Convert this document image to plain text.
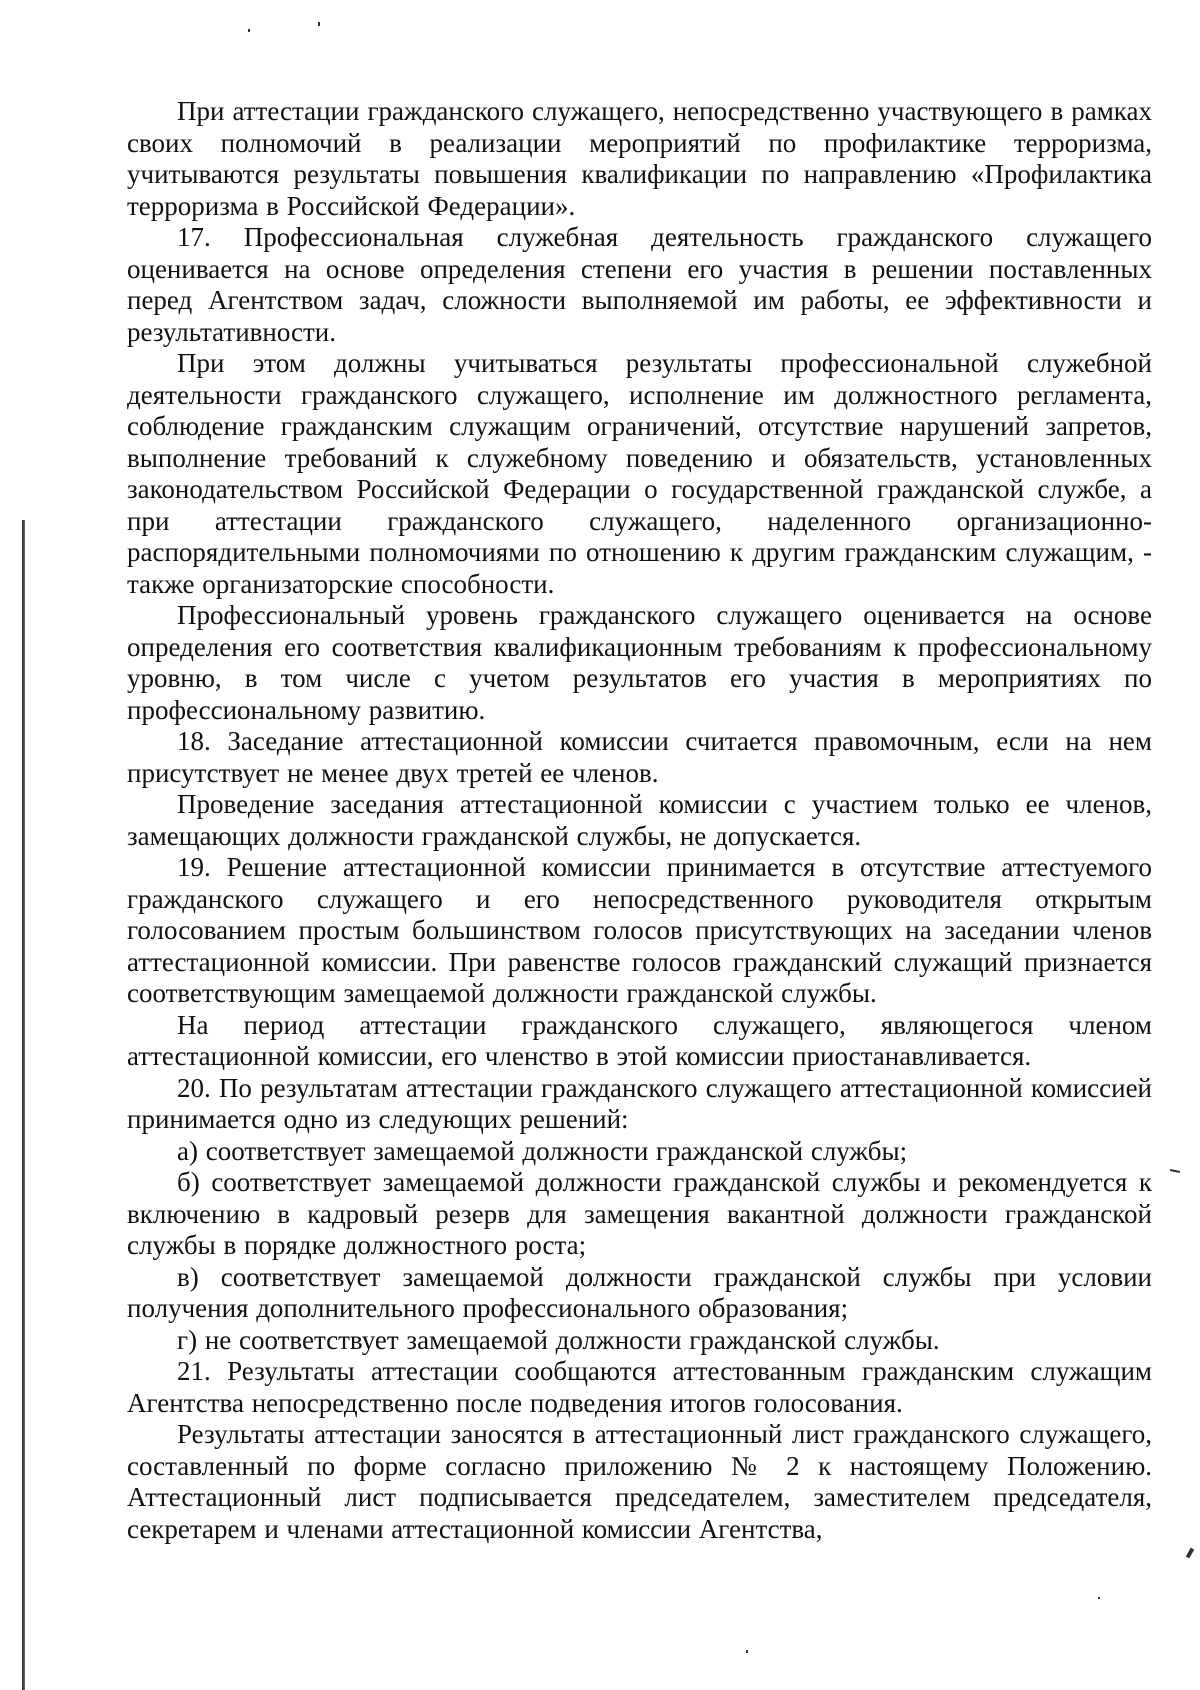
При аттестации гражданского служащего, непосредственно участвующего в рамках своих полномочий в реализации мероприятий по профилактике терроризма, учитываются результаты повышения квалификации по направлению «Профилактика терроризма в Российской Федерации».

17. Профессиональная служебная деятельность гражданского служащего оценивается на основе определения степени его участия в решении поставленных перед Агентством задач, сложности выполняемой им работы, ее эффективности и результативности.

При этом должны учитываться результаты профессиональной служебной деятельности гражданского служащего, исполнение им должностного регламента, соблюдение гражданским служащим ограничений, отсутствие нарушений запретов, выполнение требований к служебному поведению и обязательств, установленных законодательством Российской Федерации о государственной гражданской службе, а при аттестации гражданского служащего, наделенного организационно-распорядительными полномочиями по отношению к другим гражданским служащим, - также организаторские способности.

Профессиональный уровень гражданского служащего оценивается на основе определения его соответствия квалификационным требованиям к профессиональному уровню, в том числе с учетом результатов его участия в мероприятиях по профессиональному развитию.

18. Заседание аттестационной комиссии считается правомочным, если на нем присутствует не менее двух третей ее членов.

Проведение заседания аттестационной комиссии с участием только ее членов, замещающих должности гражданской службы, не допускается.

19. Решение аттестационной комиссии принимается в отсутствие аттестуемого гражданского служащего и его непосредственного руководителя открытым голосованием простым большинством голосов присутствующих на заседании членов аттестационной комиссии. При равенстве голосов гражданский служащий признается соответствующим замещаемой должности гражданской службы.

На период аттестации гражданского служащего, являющегося членом аттестационной комиссии, его членство в этой комиссии приостанавливается.

20. По результатам аттестации гражданского служащего аттестационной комиссией принимается одно из следующих решений:

а) соответствует замещаемой должности гражданской службы;

б) соответствует замещаемой должности гражданской службы и рекомендуется к включению в кадровый резерв для замещения вакантной должности гражданской службы в порядке должностного роста;

в) соответствует замещаемой должности гражданской службы при условии получения дополнительного профессионального образования;

г) не соответствует замещаемой должности гражданской службы.

21. Результаты аттестации сообщаются аттестованным гражданским служащим Агентства непосредственно после подведения итогов голосования.

Результаты аттестации заносятся в аттестационный лист гражданского служащего, составленный по форме согласно приложению № 2 к настоящему Положению. Аттестационный лист подписывается председателем, заместителем председателя, секретарем и членами аттестационной комиссии Агентства,
